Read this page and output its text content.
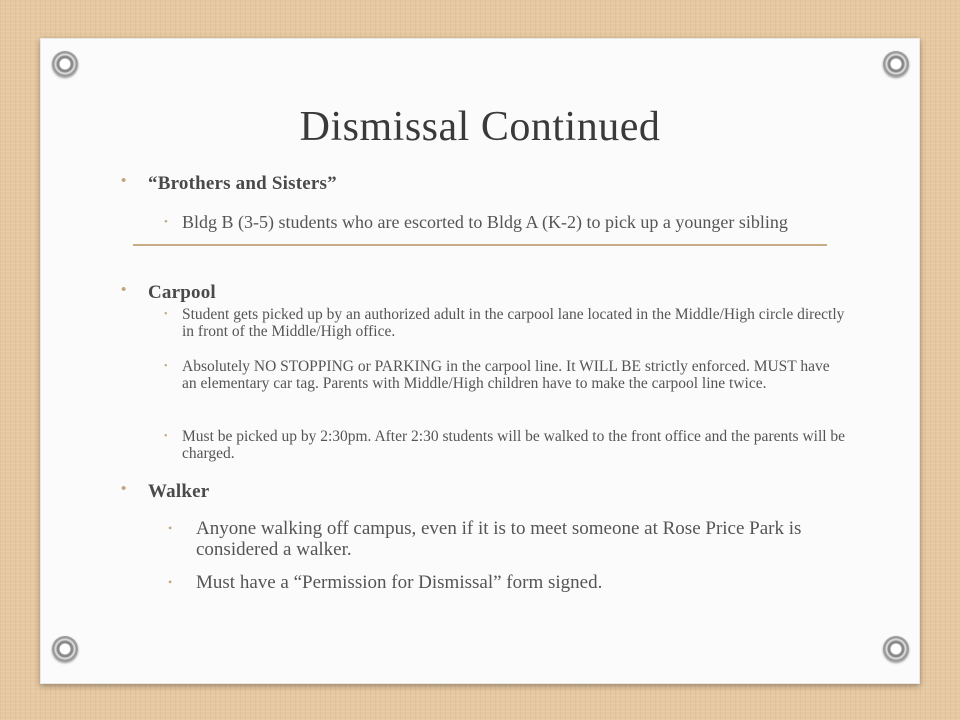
Dismissal Continued
• “Brothers and Sisters”
• Bldg B (3-5) students who are escorted to Bldg A (K-2) to pick up a younger sibling
• Carpool
• Student gets picked up by an authorized adult in the carpool lane located in the Middle/High circle directly in front of the Middle/High office.
• Absolutely NO STOPPING or PARKING in the carpool line. It WILL BE strictly enforced. MUST have an elementary car tag. Parents with Middle/High children have to make the carpool line twice.
• Must be picked up by 2:30pm. After 2:30 students will be walked to the front office and the parents will be charged.
• Walker
• Anyone walking off campus, even if it is to meet someone at Rose Price Park is considered a walker.
• Must have a “Permission for Dismissal” form signed.
